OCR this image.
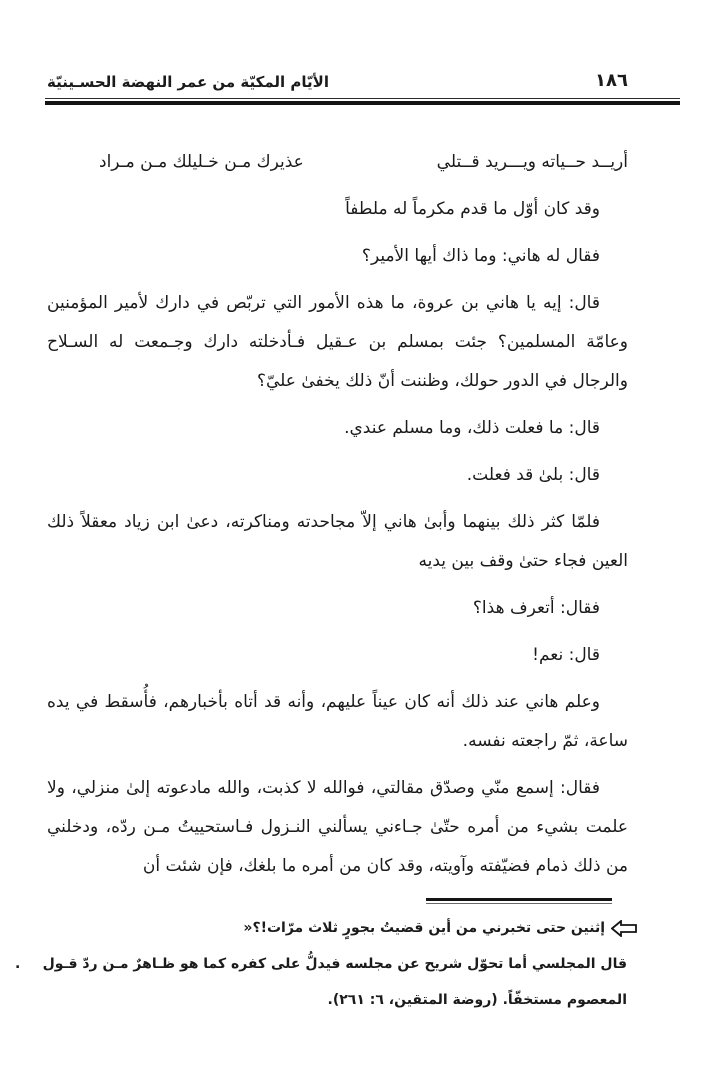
١٨٦
الأيّام المكيّة من عمر النهضة الحسـينيّة
أريــد حــياته ويـــريد قــتلي
عذيرك مـن خـليلك مـن مـراد

وقد كان أوّل ما قدم مكرماً له ملطفاً

فقال له هاني: وما ذاك أيها الأمير؟

قال: إيه يا هاني بن عروة، ما هذه الأمور التي تربّص في دارك لأمير المؤمنين وعامّة المسلمين؟ جئت بمسلم بن عـقيل فـأدخلته دارك وجـمعت له السـلاح والرجال في الدور حولك، وظننت أنّ ذلك يخفىٰ عليّ؟

قال: ما فعلت ذلك، وما مسلم عندي.

قال: بلىٰ قد فعلت.

فلمّا كثر ذلك بينهما وأبىٰ هاني إلاّ مجاحدته ومناكرته، دعىٰ ابن زياد معقلاً ذلك العين فجاء حتىٰ وقف بين يديه

فقال: أتعرف هذا؟

قال: نعم!

وعلم هاني عند ذلك أنه كان عيناً عليهم، وأنه قد أتاه بأخبارهم، فأُسقط في يده ساعة، ثمّ راجعته نفسه.

فقال: إسمع منّي وصدّق مقالتي، فوالله لا كذبت، والله مادعوته إلىٰ منزلي، ولا علمت بشيء من أمره حتّىٰ جـاءني يسألني النـزول فـاستحييتُ مـن ردّه، ودخلني من ذلك ذمام فضيّفته وآويته، وقد كان من أمره ما بلغك، فإن شئت أن

إثنين حتى تخبرني من أين قضيتُ بجورٍ ثلاث مرّات!؟«
قال المجلسي أما تحوّل شريح عن مجلسه فيدلُّ على كفره كما هو ظـاهرٌ مـن ردّ قـول
.
المعصوم مستخفّاً. (روضة المتقين، ٦: ٢٦١).
